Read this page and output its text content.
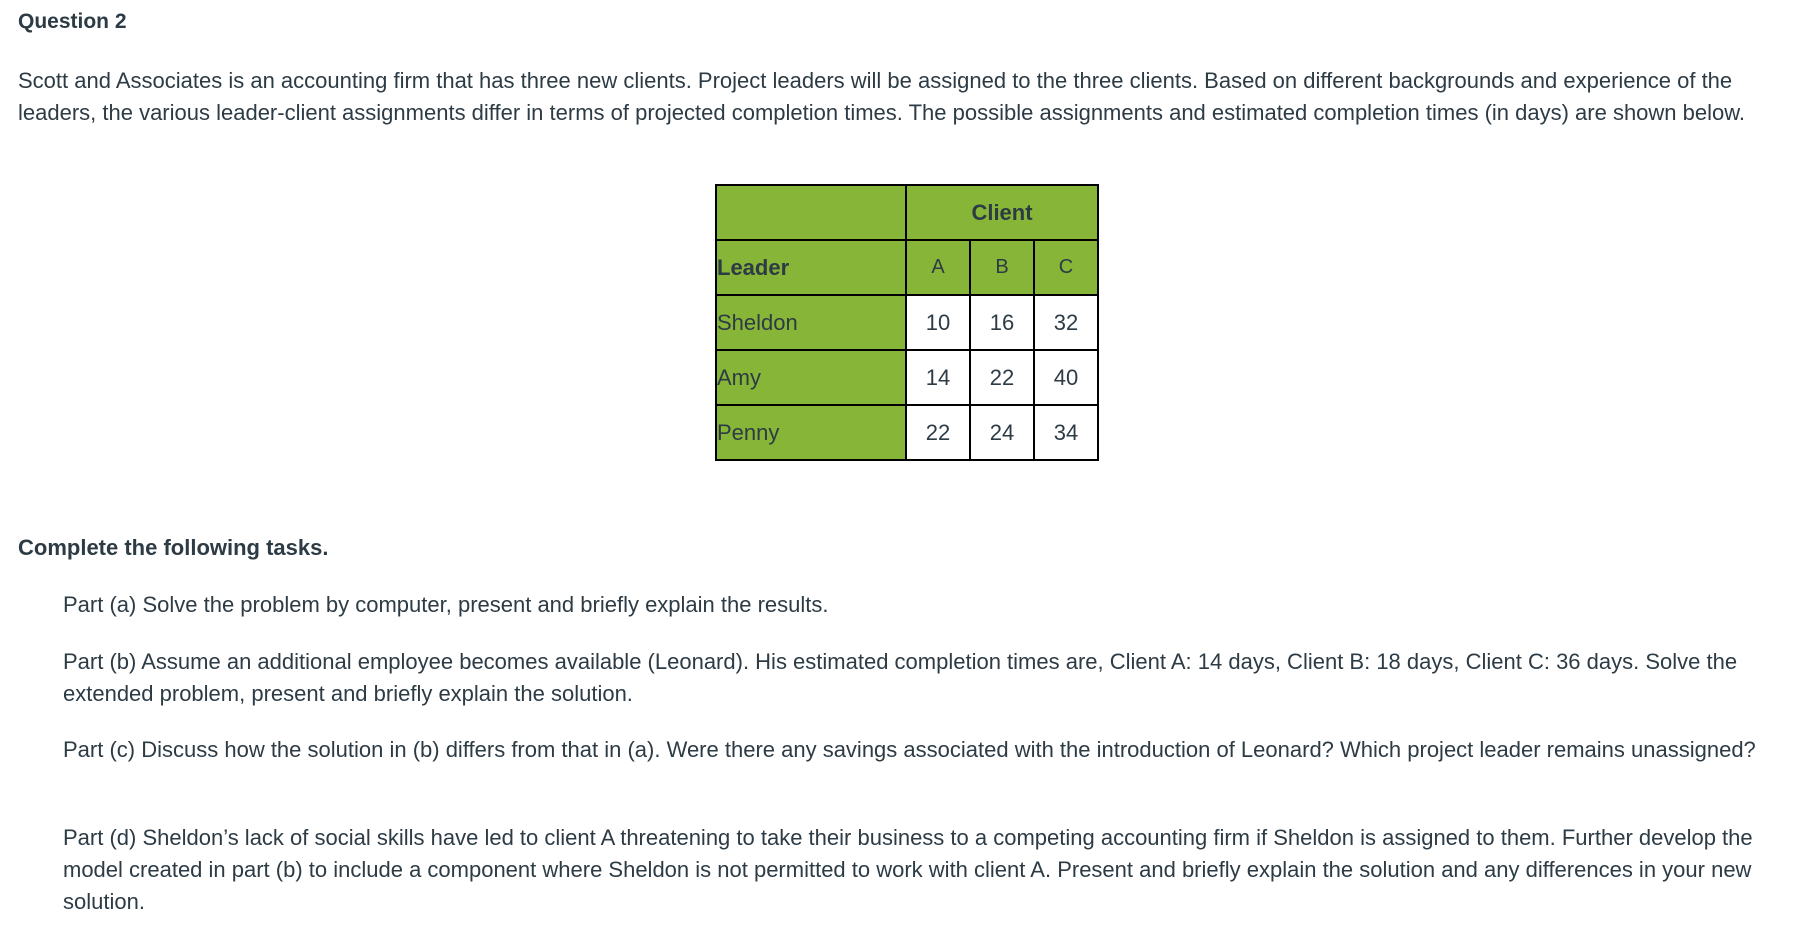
Question 2

Scott and Associates is an accounting firm that has three new clients. Project leaders will be assigned to the three clients. Based on different backgrounds and experience of the leaders, the various leader-client assignments differ in terms of projected completion times. The possible assignments and estimated completion times (in days) are shown below.

	Client		
Leader	A	B	C
Sheldon	10	16	32
Amy	14	22	40
Penny	22	24	34
Complete the following tasks.

Part (a) Solve the problem by computer, present and briefly explain the results.

Part (b) Assume an additional employee becomes available (Leonard). His estimated completion times are, Client A: 14 days, Client B: 18 days, Client C: 36 days. Solve the extended problem, present and briefly explain the solution.

Part (c) Discuss how the solution in (b) differs from that in (a). Were there any savings associated with the introduction of Leonard? Which project leader remains unassigned?

Part (d) Sheldon’s lack of social skills have led to client A threatening to take their business to a competing accounting firm if Sheldon is assigned to them. Further develop the model created in part (b) to include a component where Sheldon is not permitted to work with client A. Present and briefly explain the solution and any differences in your new solution.
